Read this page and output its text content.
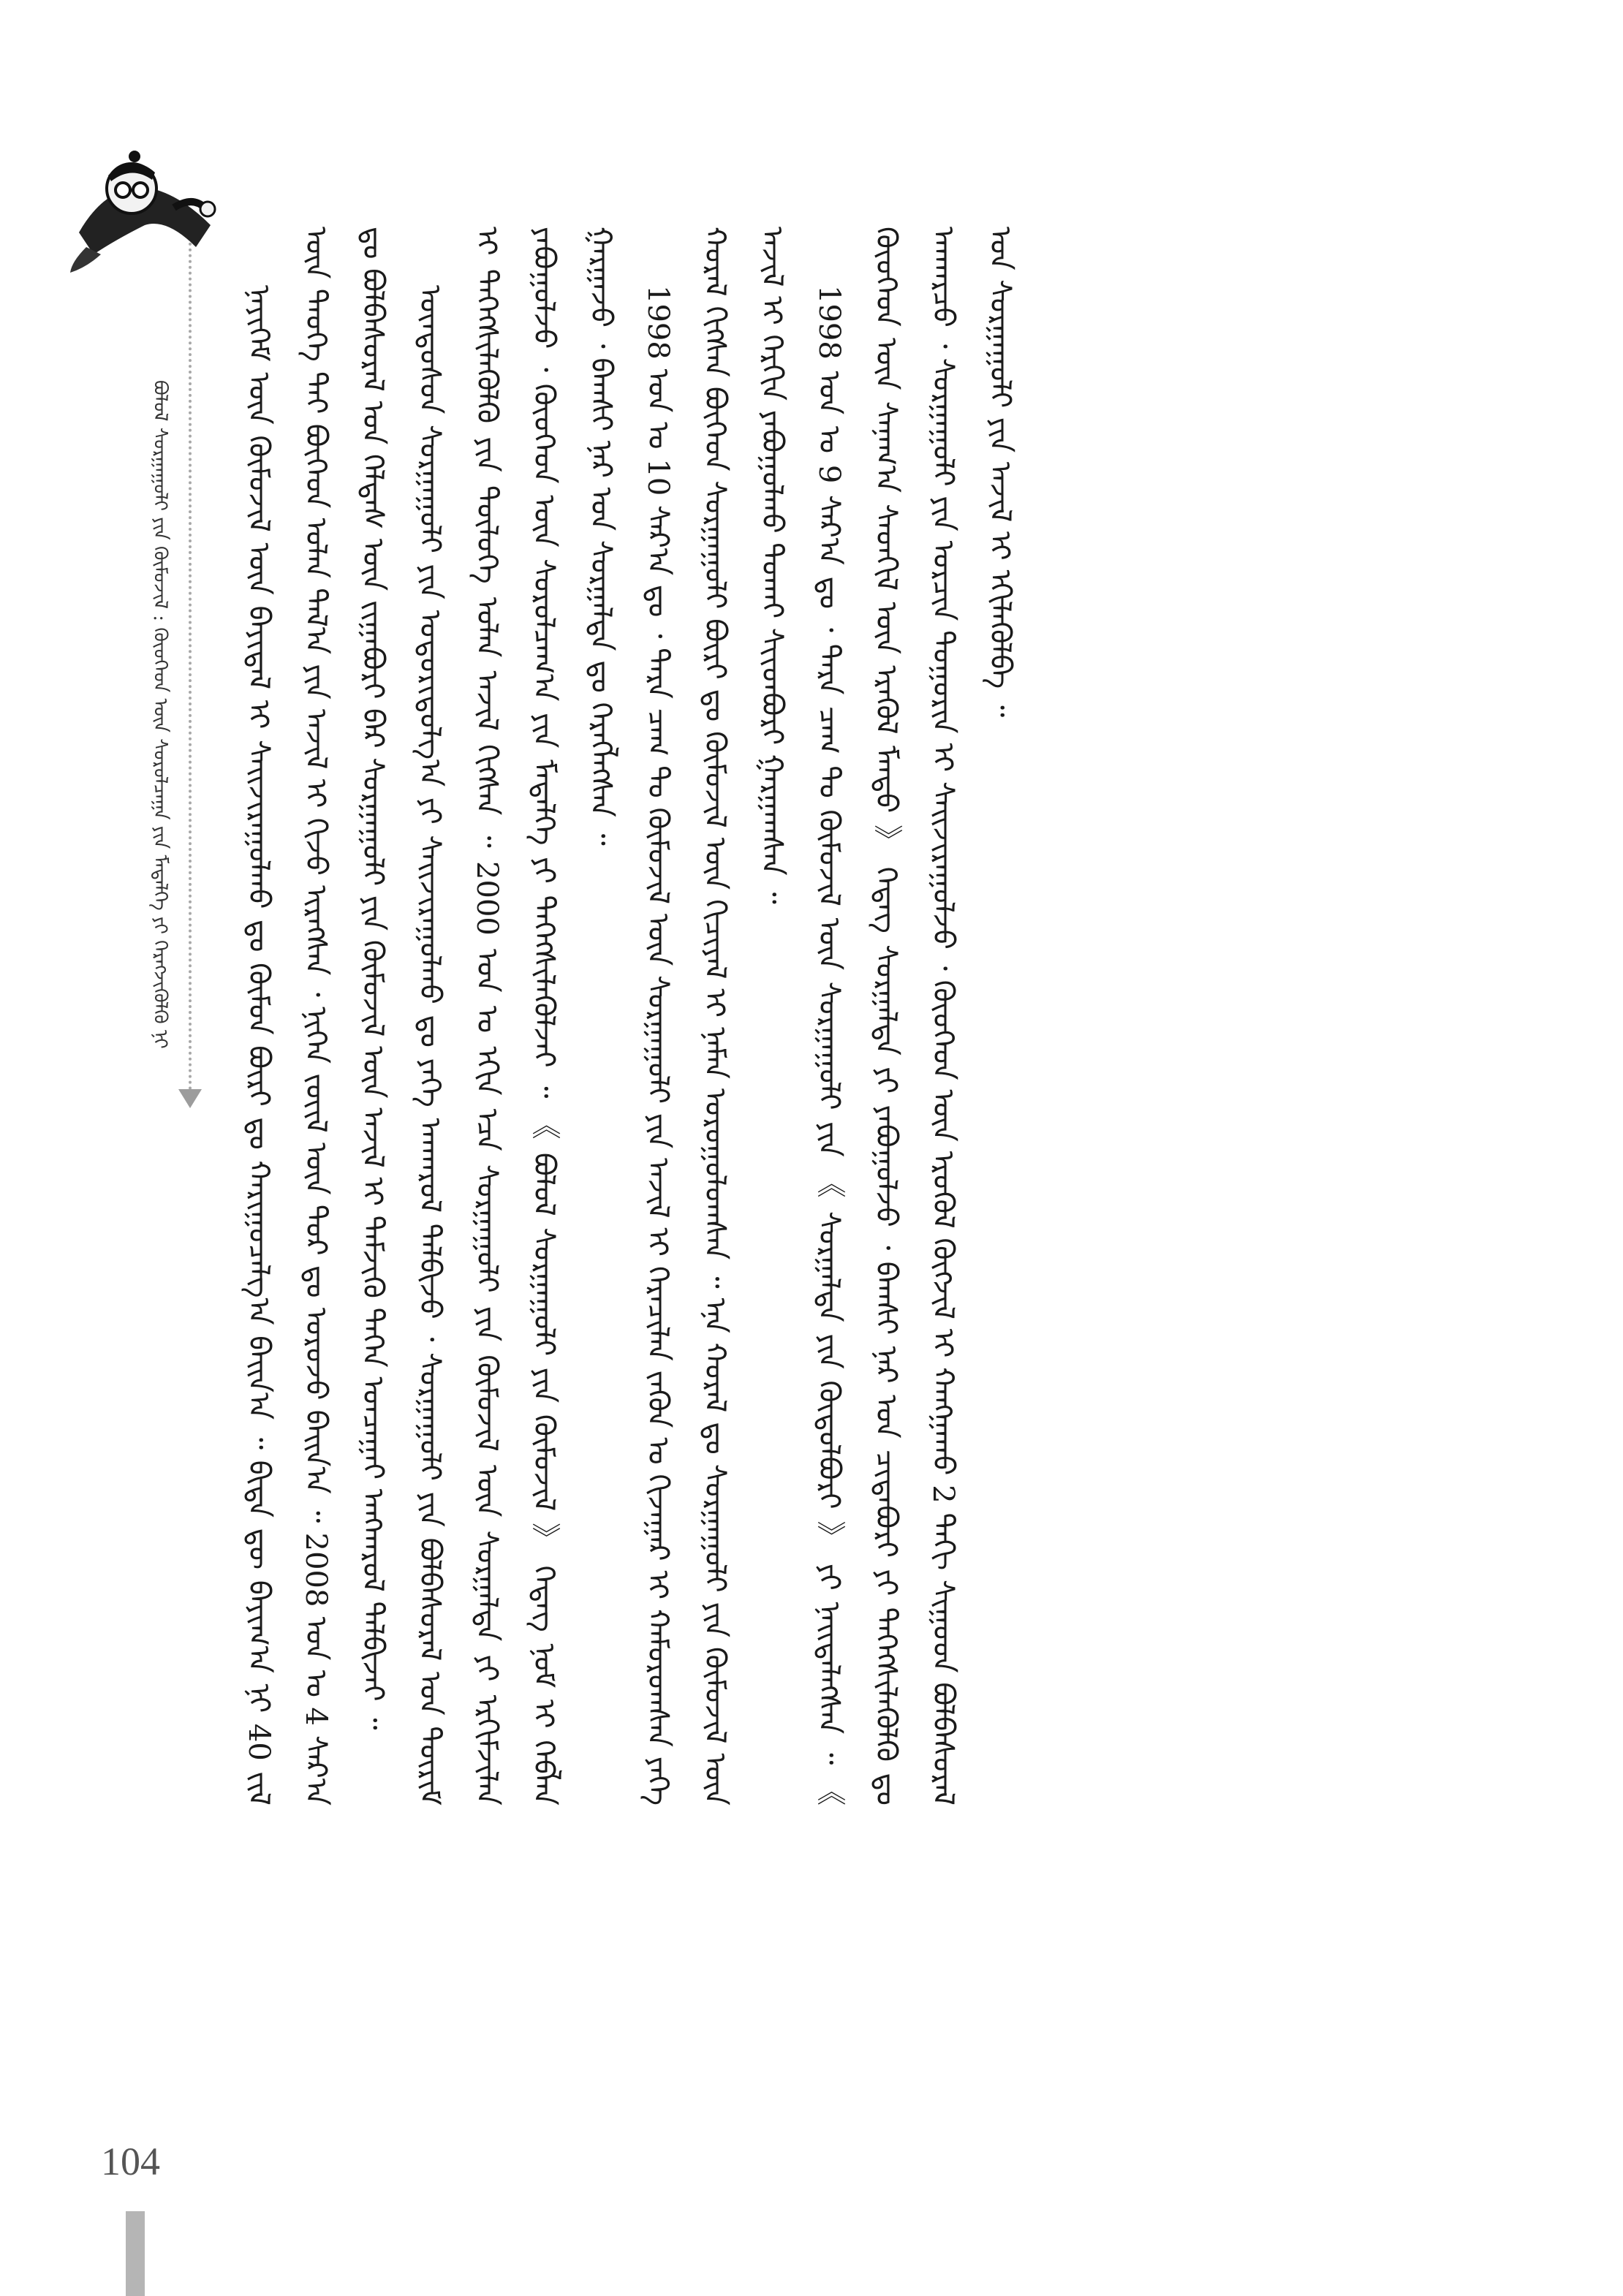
ᠪᠣᠯᠣᠯ ᠰᠤᠷᠭᠠᠭᠤᠯᠢ ᠶᠢᠨ ᠬᠦᠮᠦᠵᠢᠯ : ᠬᠦᠦᠬᠡᠳ ᠦᠨ ᠰᠤᠷᠤᠯᠴᠠᠭᠠ ᠶᠢᠨ ᠮᠡᠳᠡᠯᠭᠡ ᠶᠢ ᠬᠡᠷᠡᠭᠵᠢᠭᠦᠯᠬᠦ ᠨᠢ	ᠨᠡᠶᠢᠭᠡᠮ ᠦᠨ ᠬᠦᠮᠦᠵᠢᠯ ᠦᠨ ᠪᠠᠶᠢᠳᠠᠯ ᠢ ᠰᠠᠢᠵᠢᠷᠠᠭᠤᠯᠬᠤ ᠳᠤ ᠬᠦᠮᠦᠨ ᠪᠦᠷᠢ ᠳᠤ ᠬᠠᠷᠢᠭᠤᠴᠠᠯᠭ᠎ᠠ ᠪᠠᠢᠨ᠎ᠠ ᠃ ᠪᠢᠳᠡ ᠳᠦ ᠪᠠᠶᠢᠭ᠎ᠠ ᠨᠢ 40 ᠵᠢᠯ ᠦᠨ ᠲᠡᠦᠬᠡ ᠲᠠᠢ ᠪᠥᠭᠡᠳ ᠣᠯᠠᠨ ᠲᠠᠯ᠎ᠠ ᠶᠢᠨ ᠠᠵᠢᠯ ᠢ ᠬᠢᠵᠦ ᠢᠷᠡᠭᠰᠡᠨ ᠂ ᠨᠢᠭᠡᠨ ᠵᠦᠢᠯ ᠦᠨ ᠲᠣᠷ ᠳᠤ ᠣᠷᠣᠵᠤ ᠪᠠᠢᠨ᠎ᠠ ᠃ 2008 ᠣᠨ ᠤ 4 ᠰᠠᠷ᠎ᠠ ᠳᠤ ᠪᠣᠯᠪᠠᠰᠤᠷᠠᠯ ᠤᠨ ᠬᠡᠯᠲᠡᠰ ᠦᠨ ᠵᠢᠭᠠᠪᠤᠷᠢ ᠪᠠᠷ ᠰᠤᠷᠭᠠᠭᠤᠯᠢ ᠶᠢᠨ ᠬᠦᠮᠦᠵᠢᠯ ᠦᠨ ᠠᠵᠢᠯ ᠢ ᠳᠡᠮᠵᠢᠬᠦ ᠳᠡᠭᠡᠨ ᠣᠨᠴᠠᠭᠠᠢ ᠠᠩᠬᠠᠷᠤᠯ ᠲᠠᠯᠪᠢᠵᠠᠢ ᠃ ᠦᠨᠳᠦᠰᠦᠨ ᠰᠤᠷᠭᠠᠭᠤᠯᠢ ᠶᠢᠨ ᠤᠳᠤᠷᠢᠳᠤᠯᠭ᠎ᠠ ᠶᠢ ᠰᠠᠢᠵᠢᠷᠠᠭᠤᠯᠬᠤ ᠳᠤ ᠶᠡᠬᠡ ᠠᠨᠬᠠᠷᠤᠯ ᠲᠠᠯᠪᠢᠵᠤ ᠂ ᠰᠤᠷᠭᠠᠭᠤᠯᠢ ᠶᠢᠨ ᠪᠣᠯᠪᠠᠰᠤᠷᠠᠯ ᠤᠨ ᠳᠦᠷᠢᠮ ᠢ ᠳᠡᠭᠡᠭᠰᠢᠯᠡᠭᠦᠯᠬᠦ ᠶᠢᠨ ᠲᠥᠯᠥᠭᠡ ᠣᠯᠠᠨ ᠠᠵᠢᠯ ᠬᠢᠭᠰᠡᠨ ᠃ 2000 ᠣᠨ ᠤ ᠡᠬᠢᠨ ᠡᠴᠡ ᠰᠤᠷᠭᠠᠭᠤᠯᠢ ᠶᠢᠨ ᠬᠦᠮᠦᠵᠢᠯ ᠦᠨ ᠰᠤᠷᠭᠠᠯᠲᠠ ᠶᠢ ᠡᠷᠭᠢᠮᠵᠢᠯᠡᠨ ᠶᠠᠪᠤᠭᠤᠯᠵᠤ ᠂ ᠬᠦᠦᠬᠡᠳ ᠦᠨ ᠰᠤᠷᠤᠯᠴᠠᠭ᠎ᠠ ᠶᠢᠨ ᠮᠡᠳᠡᠯᠭᠡ ᠶᠢ ᠳᠡᠭᠡᠭᠰᠢᠯᠡᠭᠦᠯᠵᠡᠢ ᠃ 《 ᠪᠣᠯᠣᠯ ᠰᠤᠷᠭᠠᠭᠤᠯᠢ ᠶᠢᠨ ᠬᠦᠮᠦᠵᠢᠯ 》 ᠭᠡᠳᠡᠭ ᠨᠣᠮ ᠢ ᠬᠡᠪᠯᠡᠨ ᠭᠠᠷᠭᠠᠵᠤ ᠂ ᠪᠠᠭᠰᠢ ᠨᠠᠷ ᠤᠨ ᠰᠤᠷᠭᠠᠯᠲᠠ ᠳᠤ ᠬᠡᠷᠡᠭᠯᠡᠭᠰᠡᠨ ᠃ 1998 ᠣᠨ ᠤ 10 ᠰᠠᠷ᠎ᠠ ᠳᠤ ᠂ ᠲᠡᠷᠡ ᠴᠠᠭ ᠲᠤ ᠬᠦᠮᠦᠵᠢᠯ ᠦᠨ ᠰᠤᠷᠭᠠᠭᠤᠯᠢ ᠶᠢᠨ ᠠᠵᠢᠯ ᠢ ᠭᠡᠷᠡᠴᠢᠯᠡᠨ ᠵᠡᠭᠦᠨ ᠤ ᠬᠢᠵᠠᠭᠠᠷ ᠢ ᠬᠠᠮᠤᠷᠤᠭᠰᠠᠨ ᠶᠡᠬᠡ ᠬᠤᠷᠠᠯ ᠬᠢᠭᠰᠡᠨ ᠪᠥᠭᠡᠳ ᠰᠤᠷᠭᠠᠭᠤᠯᠢ ᠪᠦᠷᠢ ᠳᠤ ᠬᠦᠮᠦᠵᠢᠯ ᠦᠨ ᠬᠢᠴᠢᠶᠡᠯ ᠢ ᠨᠡᠮᠡᠨ ᠣᠷᠣᠭᠤᠯᠤᠭᠰᠠᠨ ᠃ ᠡᠨᠡ ᠬᠤᠷᠠᠯ ᠳᠤ ᠰᠤᠷᠭᠠᠭᠤᠯᠢ ᠶᠢᠨ ᠬᠦᠮᠦᠵᠢᠯ ᠦᠨ ᠠᠵᠢᠯ ᠢ ᠬᠡᠷᠬᠢᠨ ᠶᠠᠪᠤᠭᠤᠯᠬᠤ ᠲᠤᠬᠠᠢ ᠰᠢᠢᠳᠪᠦᠷᠢ ᠭᠠᠷᠭᠠᠭᠰᠠᠨ ᠃ 1998 ᠣᠨ ᠤ 9 ᠰᠠᠷ᠎ᠠ ᠳᠤ ᠂ ᠲᠡᠷᠡ ᠴᠠᠭ ᠲᠤ ᠬᠦᠮᠦᠵᠢᠯ ᠦᠨ ᠰᠤᠷᠭᠠᠭᠤᠯᠢ ᠶᠢᠨ 《 ᠰᠤᠷᠭᠠᠯᠲᠠ ᠶᠢᠨ ᠬᠥᠲᠥᠯᠪᠦᠷᠢ 》 ᠶᠢ ᠨᠡᠢᠲᠡᠯᠡᠭᠰᠡᠨ ᠃ 《 ᠬᠦᠦᠬᠡᠳ ᠦᠨ ᠰᠠᠨᠠᠭ᠎ᠠ ᠰᠡᠳᠬᠢᠯ ᠦᠨ ᠡᠷᠡᠭᠦᠯ ᠮᠡᠨᠳᠦ 》 ᠭᠡᠳᠡᠭ ᠰᠤᠷᠭᠠᠯᠲᠠ ᠶᠢ ᠶᠠᠪᠤᠭᠤᠯᠵᠤ ᠂ ᠪᠠᠭᠰᠢ ᠨᠠᠷ ᠤᠨ ᠴᠢᠳᠠᠪᠤᠷᠢ ᠶᠢ ᠳᠡᠭᠡᠭᠰᠢᠯᠡᠭᠦᠯᠬᠦ ᠳᠤ ᠠᠨᠬᠠᠷᠴᠤ ᠂ ᠰᠤᠷᠭᠠᠭᠤᠯᠢ ᠶᠢᠨ ᠣᠷᠴᠢᠨ ᠲᠣᠭᠣᠷᠢᠨ ᠢ ᠰᠠᠢᠵᠢᠷᠠᠭᠤᠯᠵᠤ ᠂ ᠬᠦᠦᠬᠡᠳ ᠦᠨ ᠡᠷᠦᠬᠦᠯ ᠬᠥᠭᠵᠢᠯ ᠢ ᠬᠠᠩᠭᠠᠬᠤ 2 ᠳᠠᠬᠢ ᠰᠢᠭᠤᠳ ᠪᠣᠯᠪᠠᠰᠤᠷᠠᠯ ᠤᠨ ᠰᠤᠷᠭᠠᠭᠤᠯᠢ ᠶᠢᠨ ᠠᠵᠢᠯ ᠢ ᠡᠬᠢᠯᠡᠭᠦᠯᠪᠡ ᠃

104
